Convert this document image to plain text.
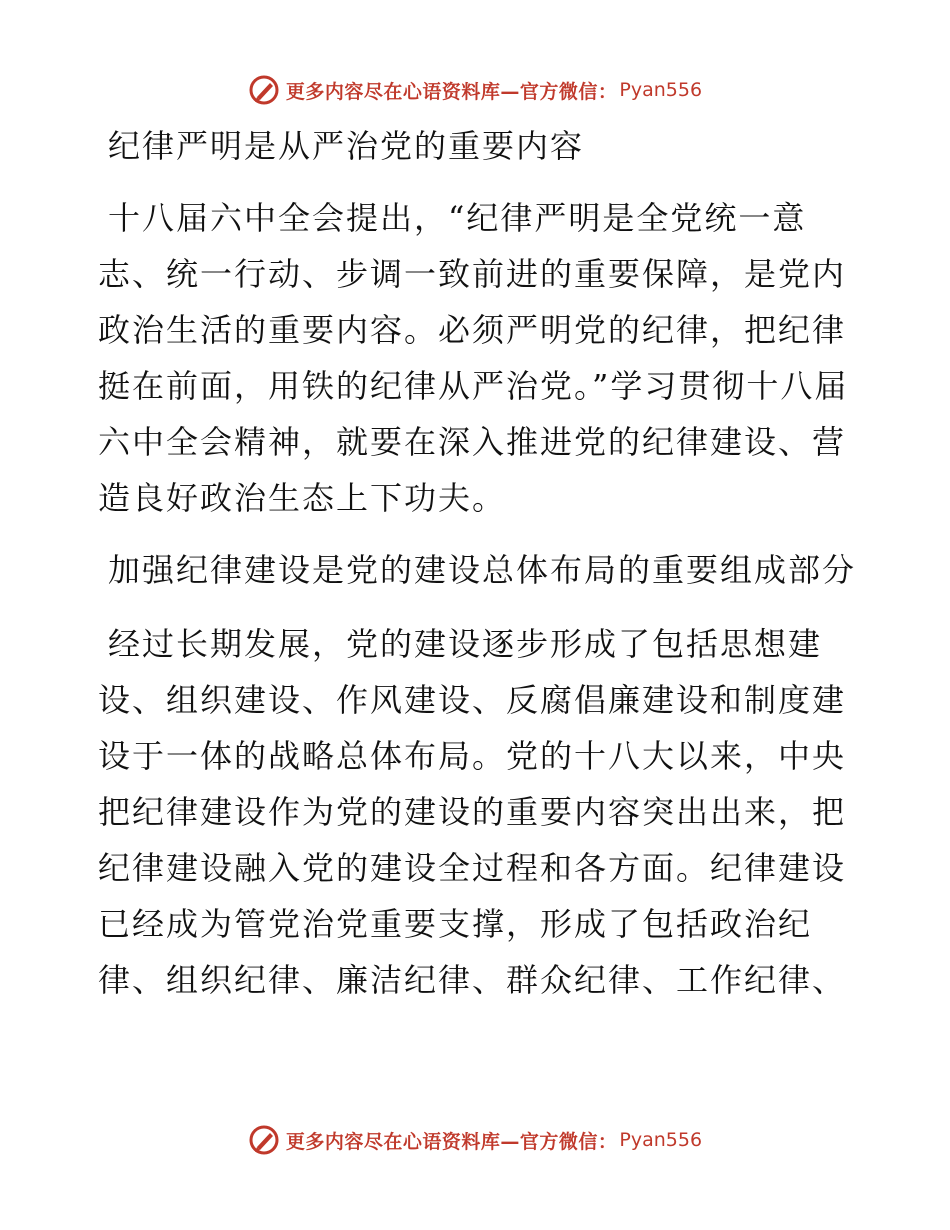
更多内容尽在心语资料库—官方微信： Pyan556

纪律严明是从严治党的重要内容

十八届六中全会提出，“纪律严明是全党统一意志、统一行动、步调一致前进的重要保障，是党内政治生活的重要内容。必须严明党的纪律，把纪律挺在前面，用铁的纪律从严治党。”学习贯彻十八届六中全会精神，就要在深入推进党的纪律建设、营造良好政治生态上下功夫。

加强纪律建设是党的建设总体布局的重要组成部分

经过长期发展，党的建设逐步形成了包括思想建设、组织建设、作风建设、反腐倡廉建设和制度建设于一体的战略总体布局。党的十八大以来，中央把纪律建设作为党的建设的重要内容突出出来，把纪律建设融入党的建设全过程和各方面。纪律建设已经成为管党治党重要支撑，形成了包括政治纪律、组织纪律、廉洁纪律、群众纪律、工作纪律、

更多内容尽在心语资料库—官方微信： Pyan556
